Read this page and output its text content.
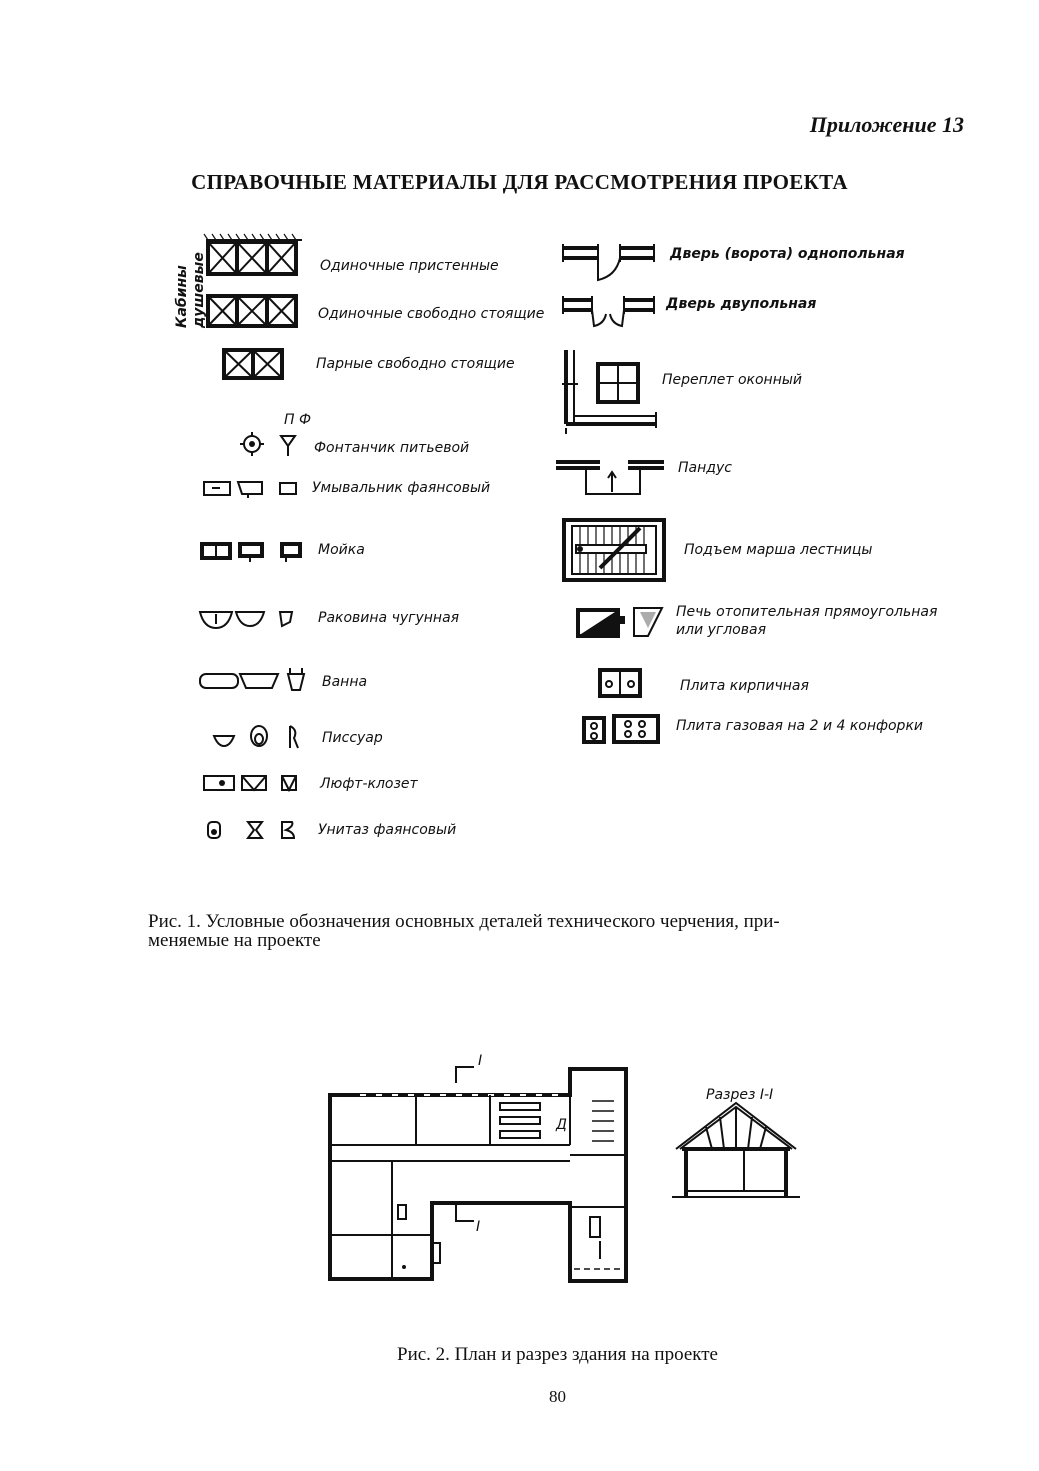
Приложение 13
СПРАВОЧНЫЕ МАТЕРИАЛЫ ДЛЯ РАССМОТРЕНИЯ ПРОЕКТА
Кабины душевые	Одиночные пристенные
Одиночные свободно стоящие
Парные свободно стоящие
П Ф
Фонтанчик питьевой
Умывальник фаянсовый
Мойка
Раковина чугунная
Ванна
Писсуар
Люфт-клозет
Унитаз фаянсовый
Дверь (ворота) однопольная
Дверь двупольная
Переплет оконный
Пандус
Подъем марша лестницы
Печь отопительная прямоугольная
или угловая
Плита кирпичная
Плита газовая на 2 и 4 конфорки
Рис. 1. Условные обозначения основных деталей технического черчения, при-
меняемые на проекте
I
I
Д
Разрез I-I
Рис. 2. План и разрез здания на проекте
80
